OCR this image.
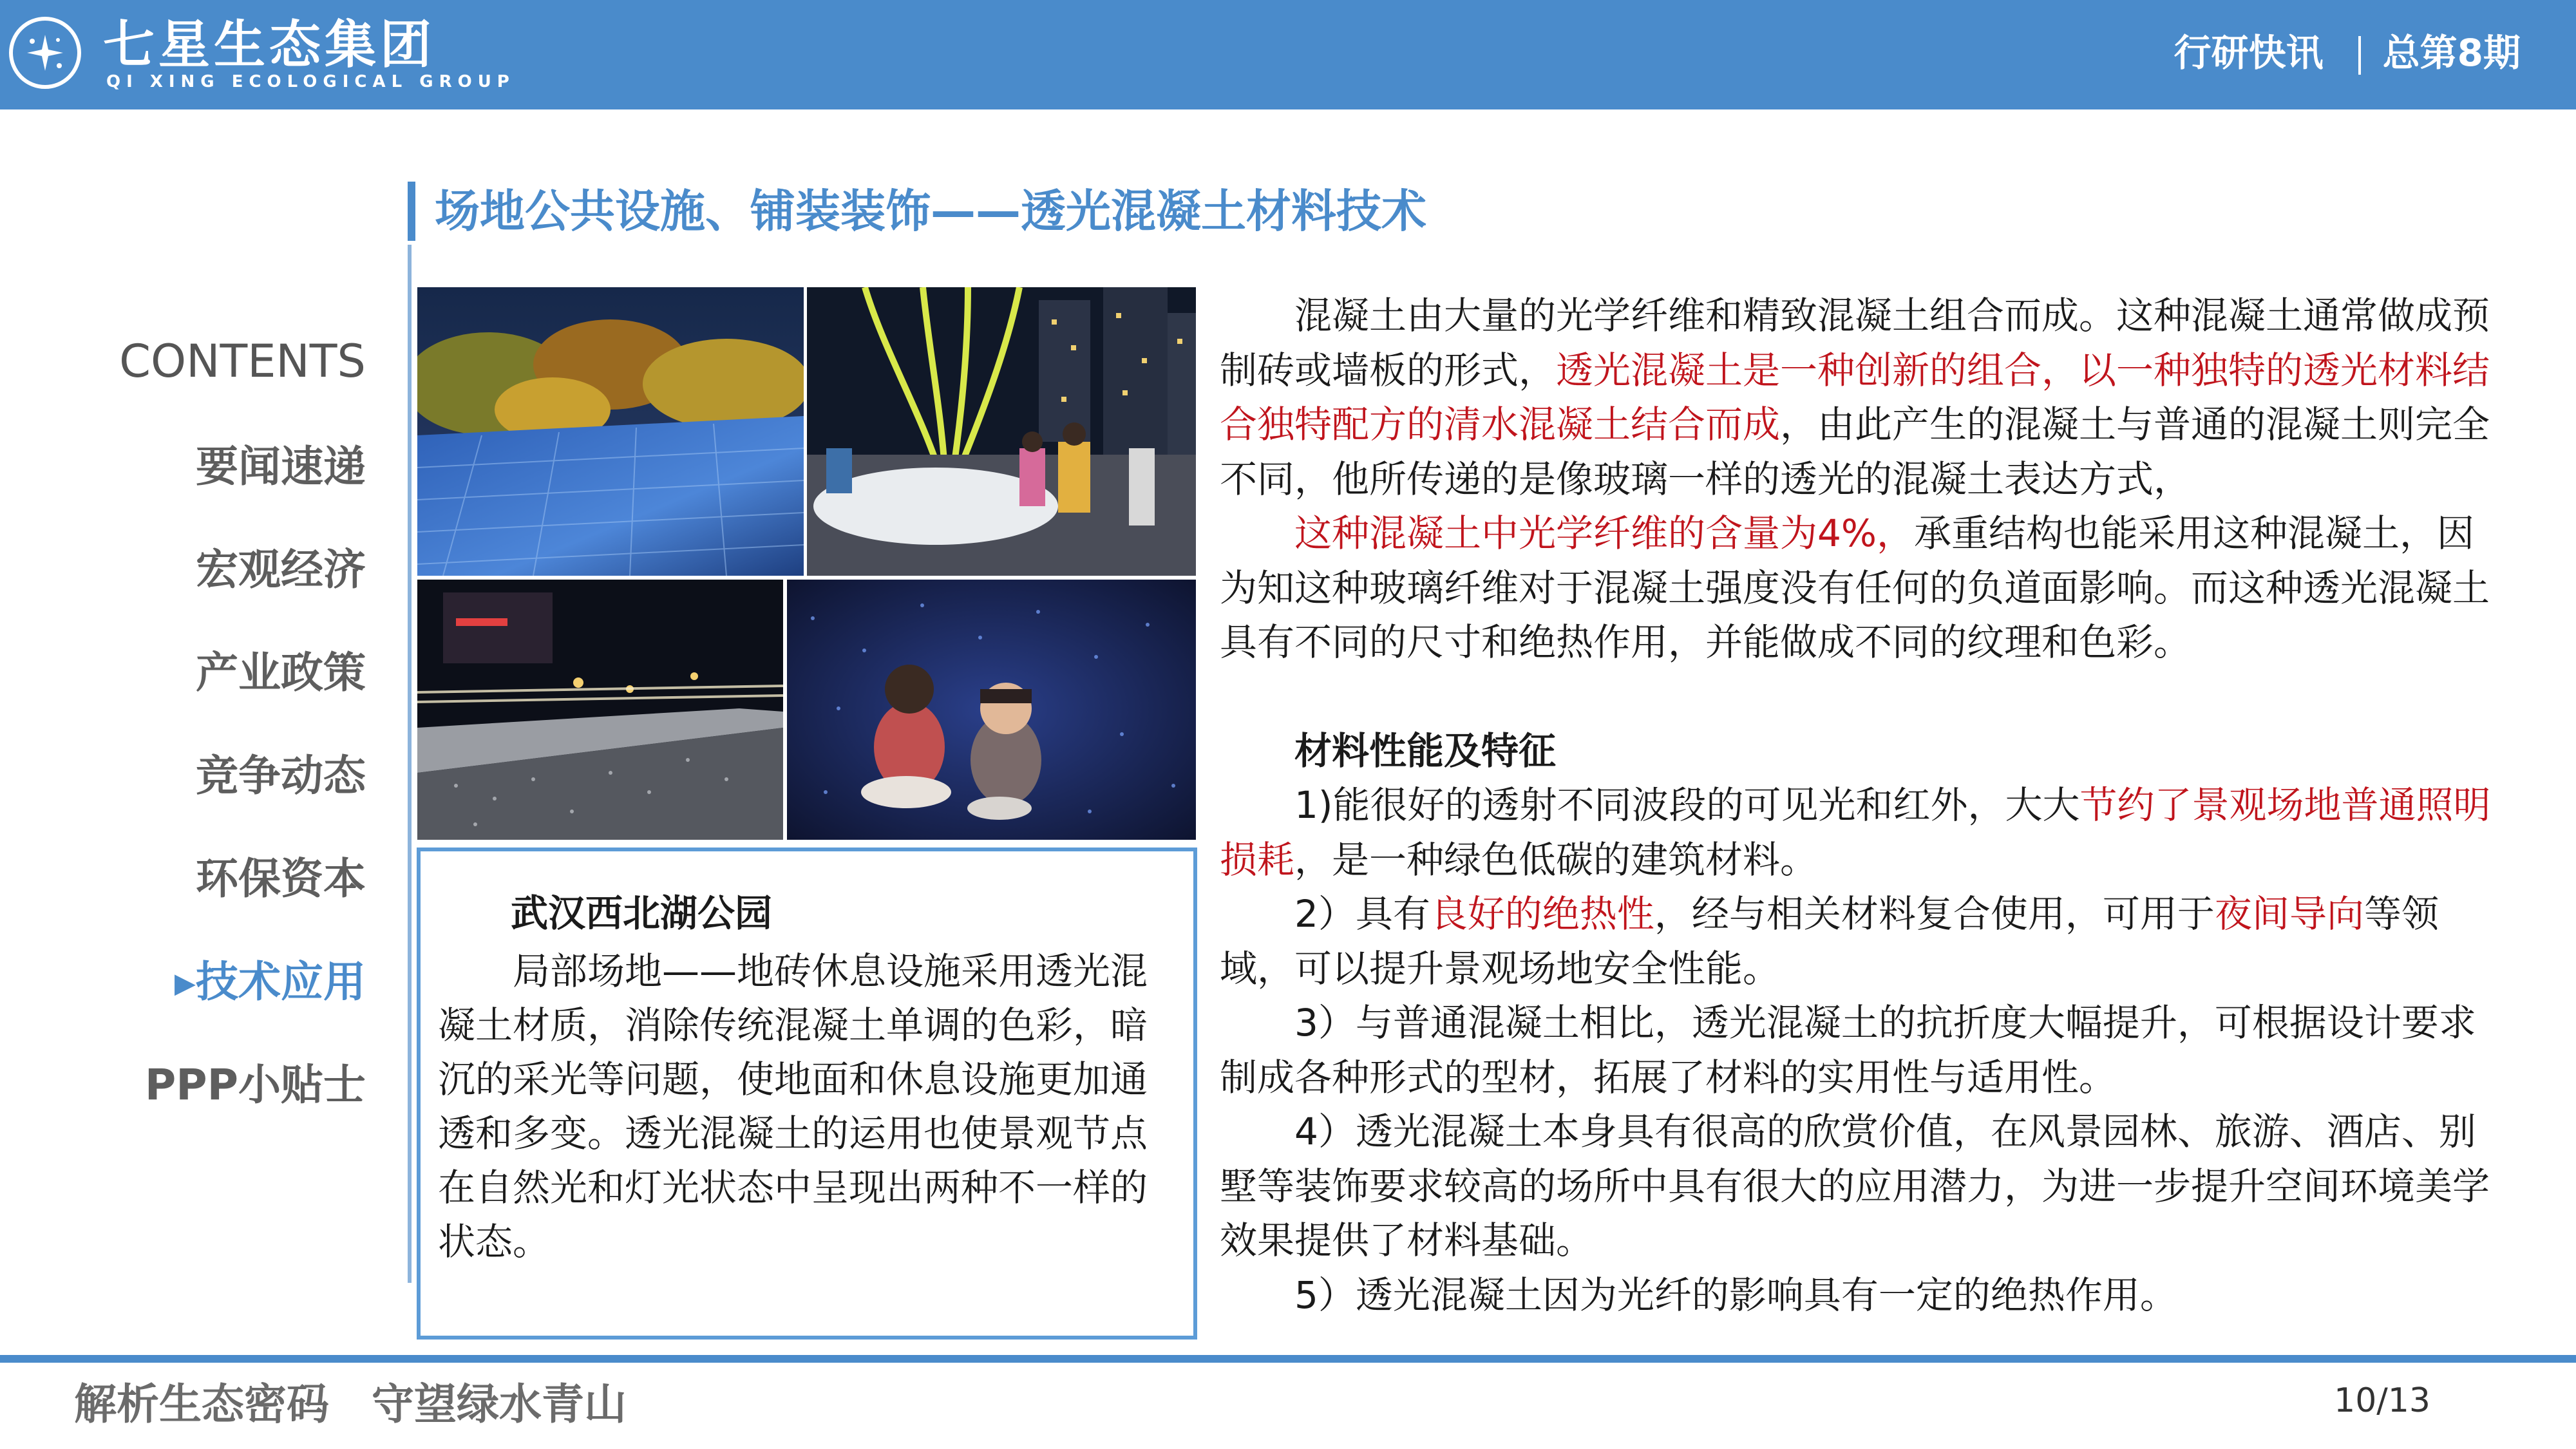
七星生态集团
QI XING ECOLOGICAL GROUP
行研快讯 总第8期
场地公共设施、铺装装饰——透光混凝土材料技术
CONTENTS
要闻速递
宏观经济
产业政策
竞争动态
环保资本
▸技术应用
PPP小贴士
武汉西北湖公园
局部场地——地砖休息设施采用透光混凝土材质，消除传统混凝土单调的色彩，暗沉的采光等问题，使地面和休息设施更加通透和多变。透光混凝土的运用也使景观节点在自然光和灯光状态中呈现出两种不一样的状态。

混凝土由大量的光学纤维和精致混凝土组合而成。这种混凝土通常做成预制砖或墙板的形式，透光混凝土是一种创新的组合，以一种独特的透光材料结合独特配方的清水混凝土结合而成，由此产生的混凝土与普通的混凝土则完全不同，他所传递的是像玻璃一样的透光的混凝土表达方式，

这种混凝土中光学纤维的含量为4%，承重结构也能采用这种混凝土，因为知这种玻璃纤维对于混凝土强度没有任何的负道面影响。而这种透光混凝土具有不同的尺寸和绝热作用，并能做成不同的纹理和色彩。

材料性能及特征

1)能很好的透射不同波段的可见光和红外，大大节约了景观场地普通照明损耗，是一种绿色低碳的建筑材料。

2）具有良好的绝热性，经与相关材料复合使用，可用于夜间导向等领域，可以提升景观场地安全性能。

3）与普通混凝土相比，透光混凝土的抗折度大幅提升，可根据设计要求制成各种形式的型材，拓展了材料的实用性与适用性。

4）透光混凝土本身具有很高的欣赏价值，在风景园林、旅游、酒店、别墅等装饰要求较高的场所中具有很大的应用潜力，为进一步提升空间环境美学效果提供了材料基础。

5）透光混凝土因为光纤的影响具有一定的绝热作用。

解析生态密码　守望绿水青山	10/13
